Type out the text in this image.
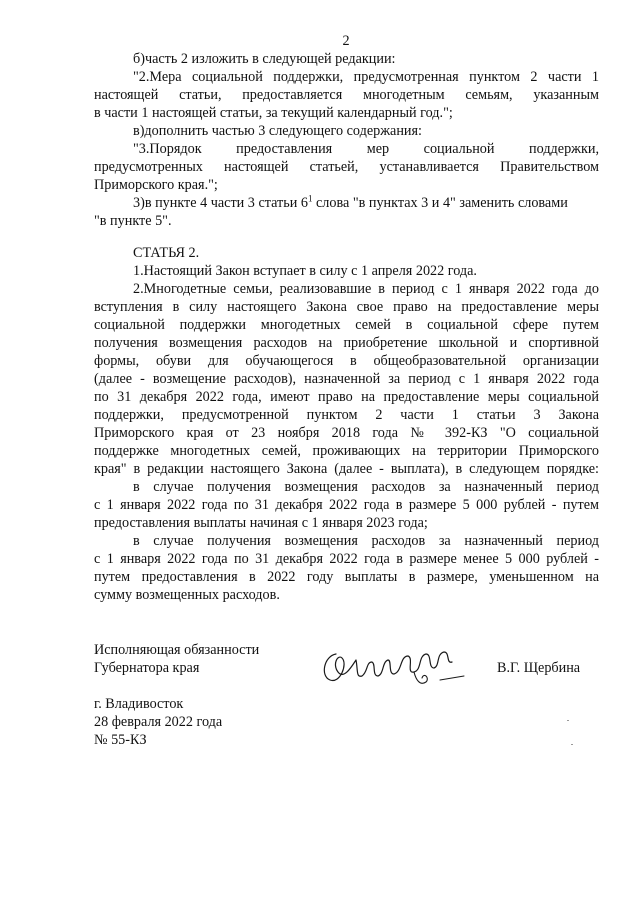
2
б)часть 2 изложить в следующей редакции:
"2.Мера социальной поддержки, предусмотренная пунктом 2 части 1
настоящей статьи, предоставляется многодетным семьям, указанным
в части 1 настоящей статьи, за текущий календарный год.";
в)дополнить частью 3 следующего содержания:
"3.Порядок предоставления мер социальной поддержки,
предусмотренных настоящей статьей, устанавливается Правительством
Приморского края.";
3)в пункте 4 части 3 статьи $6^1$ слова "в пунктах 3 и 4" заменить словами
"в пункте 5".
СТАТЬЯ 2.
1.Настоящий Закон вступает в силу с 1 апреля 2022 года.
2.Многодетные семьи, реализовавшие в период с 1 января 2022 года до
вступления в силу настоящего Закона свое право на предоставление меры
социальной поддержки многодетных семей в социальной сфере путем
получения возмещения расходов на приобретение школьной и спортивной
формы, обуви для обучающегося в общеобразовательной организации
(далее - возмещение расходов), назначенной за период с 1 января 2022 года
по 31 декабря 2022 года, имеют право на предоставление меры социальной
поддержки, предусмотренной пунктом 2 части 1 статьи 3 Закона
Приморского края от 23 ноября 2018 года № 392-КЗ "О социальной
поддержке многодетных семей, проживающих на территории Приморского
края" в редакции настоящего Закона (далее - выплата), в следующем порядке:
в случае получения возмещения расходов за назначенный период
с 1 января 2022 года по 31 декабря 2022 года в размере 5 000 рублей - путем
предоставления выплаты начиная с 1 января 2023 года;
в случае получения возмещения расходов за назначенный период
с 1 января 2022 года по 31 декабря 2022 года в размере менее 5 000 рублей -
путем предоставления в 2022 году выплаты в размере, уменьшенном на
сумму возмещенных расходов.
Исполняющая обязанности
Губернатора края	В.Г. Щербина
г. Владивосток
28 февраля 2022 года
№ 55-КЗ
